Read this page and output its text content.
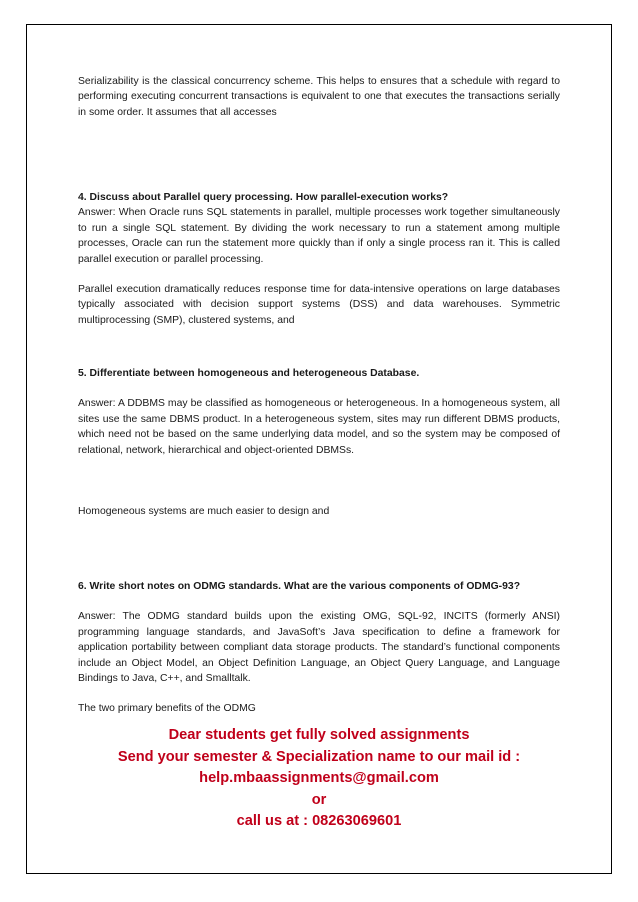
Serializability is the classical concurrency scheme. This helps to ensures that a schedule with regard to performing executing concurrent transactions is equivalent to one that executes the transactions serially in some order. It assumes that all accesses

4. Discuss about Parallel query processing. How parallel-execution works?

Answer: When Oracle runs SQL statements in parallel, multiple processes work together simultaneously to run a single SQL statement. By dividing the work necessary to run a statement among multiple processes, Oracle can run the statement more quickly than if only a single process ran it. This is called parallel execution or parallel processing.

Parallel execution dramatically reduces response time for data-intensive operations on large databases typically associated with decision support systems (DSS) and data warehouses. Symmetric multiprocessing (SMP), clustered systems, and

5. Differentiate between homogeneous and heterogeneous Database.

Answer: A DDBMS may be classified as homogeneous or heterogeneous. In a homogeneous system, all sites use the same DBMS product. In a heterogeneous system, sites may run different DBMS products, which need not be based on the same underlying data model, and so the system may be composed of relational, network, hierarchical and object-oriented DBMSs.

Homogeneous systems are much easier to design and

6. Write short notes on ODMG standards. What are the various components of ODMG-93?

Answer: The ODMG standard builds upon the existing OMG, SQL-92, INCITS (formerly ANSI) programming language standards, and JavaSoft’s Java specification to define a framework for application portability between compliant data storage products. The standard’s functional components include an Object Model, an Object Definition Language, an Object Query Language, and Language Bindings to Java, C++, and Smalltalk.

The two primary benefits of the ODMG

Dear students get fully solved assignments
Send your semester & Specialization name to our mail id :
help.mbaassignments@gmail.com
or
call us at : 08263069601
